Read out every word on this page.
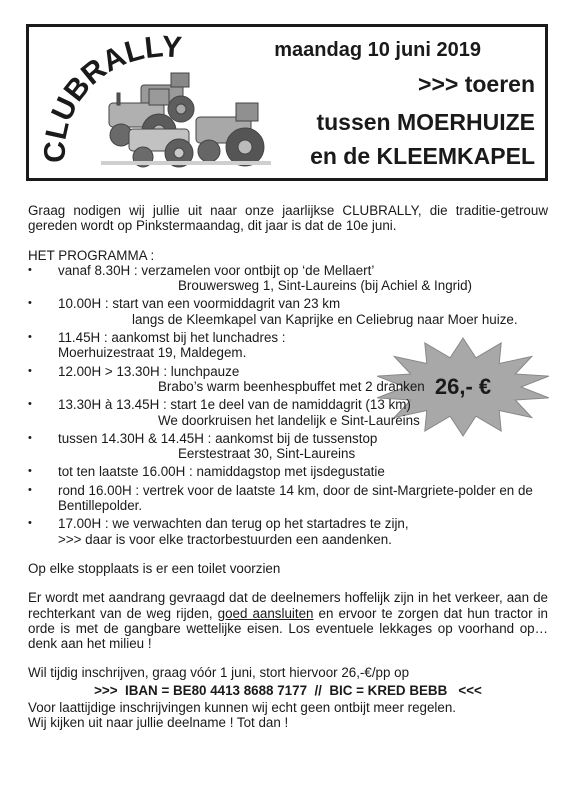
CLUBRALLY	maandag 10 juni 2019
>>> toeren
tussen MOERHUIZE
en de KLEEMKAPEL
26,- €

Graag nodigen wij jullie uit naar onze jaarlijkse CLUBRALLY, die traditie-getrouw gereden wordt op Pinkstermaandag, dit jaar is dat de 10e juni.

HET PROGRAMMA :

• vanaf 8.30H : verzamelen voor ontbijt op ‘de Mellaert’
Brouwersweg 1, Sint-Laureins (bij Achiel & Ingrid)
• 10.00H : start van een voormiddagrit van 23 km
langs de Kleemkapel van Kaprijke en Celiebrug naar Moer huize.
• 11.45H : aankomst bij het lunchadres :
Moerhuizestraat 19, Maldegem.
• 12.00H > 13.30H : lunchpauze
Brabo’s warm beenhespbuffet met 2 dranken
• 13.30H à 13.45H : start 1e deel van de namiddagrit (13 km)
We doorkruisen het landelijk e Sint-Laureins
• tussen 14.30H & 14.45H : aankomst bij de tussenstop
Eerstestraat 30, Sint-Laureins
• tot ten laatste 16.00H : namiddagstop met ijsdegustatie
• rond 16.00H : vertrek voor de laatste 14 km, door de sint-Margriete-polder en de Bentillepolder.
• 17.00H : we verwachten dan terug op het startadres te zijn,
>>> daar is voor elke tractorbestuurden een aandenken.

Op elke stopplaats is er een toilet voorzien

Er wordt met aandrang gevraagd dat de deelnemers hoffelijk zijn in het verkeer, aan de rechterkant van de weg rijden, goed aansluiten en ervoor te zorgen dat hun tractor in orde is met de gangbare wettelijke eisen. Los eventuele lekkages op voorhand op… denk aan het milieu !

Wil tijdig inschrijven, graag vóór 1 juni, stort hiervoor 26,-€/pp op

>>>  IBAN = BE80 4413 8688 7177  //  BIC = KRED BEBB   <<<

Voor laattijdige inschrijvingen kunnen wij echt geen ontbijt meer regelen.

Wij kijken uit naar jullie deelname ! Tot dan !
